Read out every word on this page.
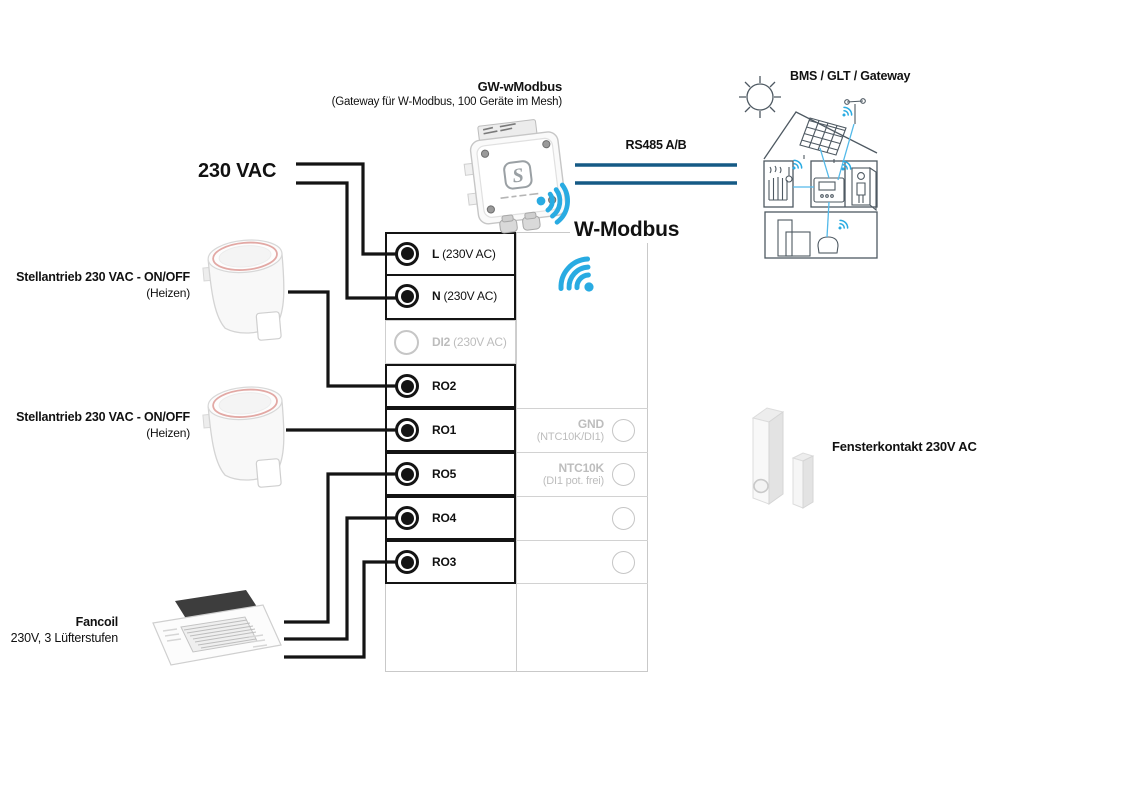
L (230V AC)
N (230V AC)
DI2 (230V AC)
RO2
RO1
RO5
RO4
RO3
GND
(NTC10K/DI1)
NTC10K
(DI1 pot. frei)
S
GW-wModbus
(Gateway für W-Modbus, 100 Geräte im Mesh)
RS485 A/B
W-Modbus
BMS / GLT / Gateway
230 VAC
Stellantrieb 230 VAC - ON/OFF
(Heizen)
Stellantrieb 230 VAC - ON/OFF
(Heizen)
Fancoil
230V, 3 Lüfterstufen
Fensterkontakt 230V AC
